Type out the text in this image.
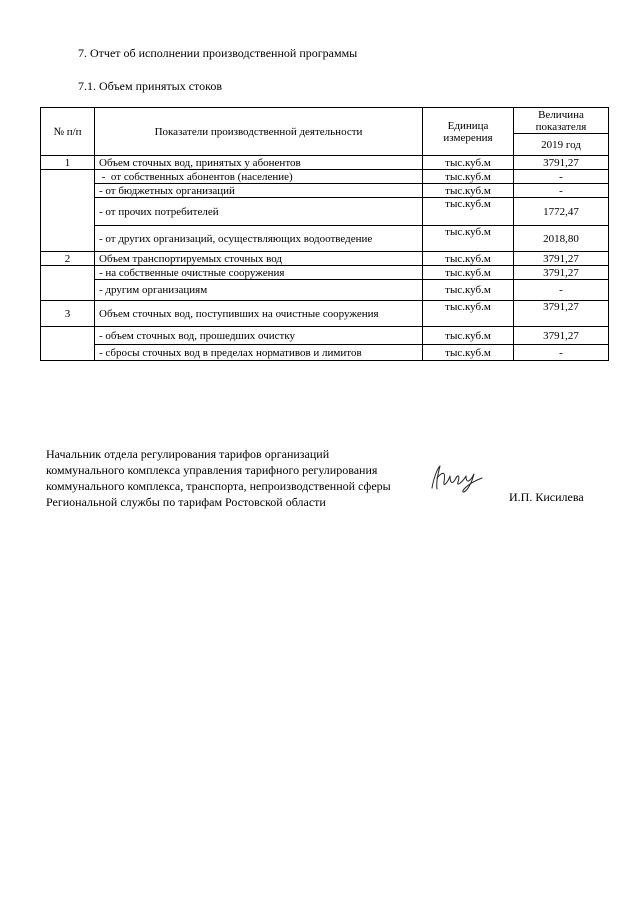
7. Отчет об исполнении производственной программы
7.1. Объем принятых стоков
№ п/п	Показатели производственной деятельности	Единица измерения	Величина показателя
			2019 год
1	Объем сточных вод, принятых у абонентов	тыс.куб.м	3791,27
	-  от собственных абонентов (население)	тыс.куб.м	-
	- от бюджетных организаций	тыс.куб.м	-
	- от прочих потребителей	тыс.куб.м	1772,47
	- от других организаций, осуществляющих водоотведение	тыс.куб.м	2018,80
2	Объем транспортируемых сточных вод	тыс.куб.м	3791,27
	- на собственные очистные сооружения	тыс.куб.м	3791,27
	- другим организациям	тыс.куб.м	-
3	Объем сточных вод, поступивших на очистные сооружения	тыс.куб.м	3791,27
	- объем сточных вод, прошедших очистку	тыс.куб.м	3791,27
	- сбросы сточных вод в пределах нормативов и лимитов	тыс.куб.м	-
Начальник отдела регулирования тарифов организаций
коммунального комплекса управления тарифного регулирования
коммунального комплекса, транспорта, непроизводственной сферы
Региональной службы по тарифам Ростовской области	И.П. Кисилева
